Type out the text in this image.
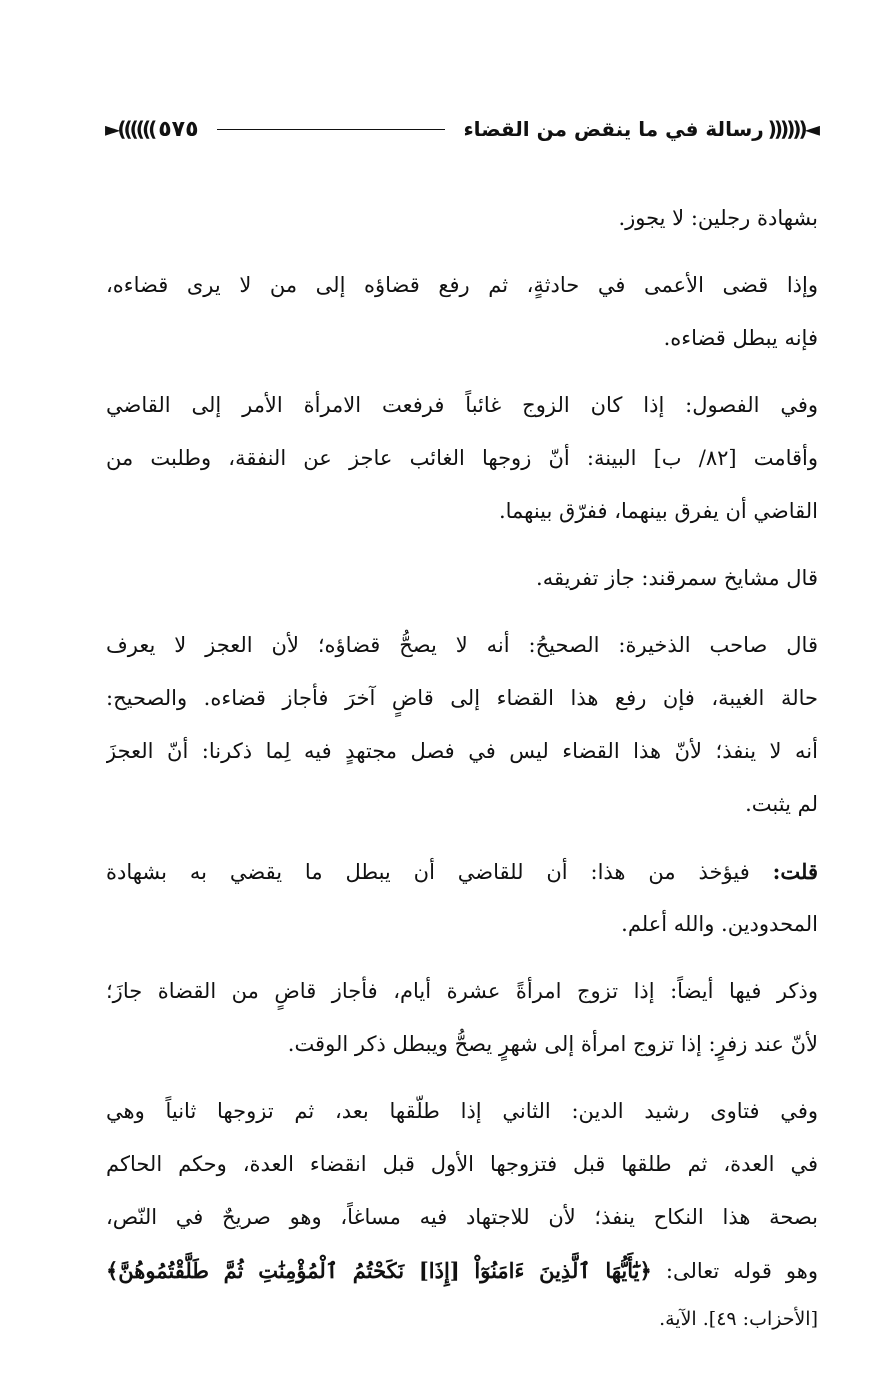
◄((((((
رسالة في ما ينقض من القضاء
٥٧٥
))))))►
بشهادة رجلين: لا يجوز.
وإذا قضى الأعمى في حادثةٍ، ثم رفع قضاؤه إلى من لا يرى قضاءه،
فإنه يبطل قضاءه.
وفي الفصول: إذا كان الزوج غائباً فرفعت الامرأة الأمر إلى القاضي
وأقامت [٨٢/ ب] البينة: أنّ زوجها الغائب عاجز عن النفقة، وطلبت من
القاضي أن يفرق بينهما، ففرّق بينهما.
قال مشايخ سمرقند: جاز تفريقه.
قال صاحب الذخيرة: الصحيحُ: أنه لا يصحُّ قضاؤه؛ لأن العجز لا يعرف
حالة الغيبة، فإن رفع هذا القضاء إلى قاضٍ آخرَ فأجاز قضاءه. والصحيح:
أنه لا ينفذ؛ لأنّ هذا القضاء ليس في فصل مجتهدٍ فيه لِما ذكرنا: أنّ العجزَ
لم يثبت.
قلت: فيؤخذ من هذا: أن للقاضي أن يبطل ما يقضي به بشهادة
المحدودين. والله أعلم.
وذكر فيها أيضاً: إذا تزوج امرأةً عشرة أيام، فأجاز قاضٍ من القضاة جازَ؛
لأنّ عند زفرٍ: إذا تزوج امرأة إلى شهرٍ يصحُّ ويبطل ذكر الوقت.
وفي فتاوى رشيد الدين: الثاني إذا طلّقها بعد، ثم تزوجها ثانياً وهي
في العدة، ثم طلقها قبل فتزوجها الأول قبل انقضاء العدة، وحكم الحاكم
بصحة هذا النكاح ينفذ؛ لأن للاجتهاد فيه مساغاً، وهو صريحٌ في النّص،
وهو قوله تعالى: ﴿يَٰٓأَيُّهَا ٱلَّذِينَ ءَامَنُوٓاْ [إِذَا] نَكَحْتُمُ ٱلْمُؤْمِنَٰتِ ثُمَّ طَلَّقْتُمُوهُنَّ﴾
[الأحزاب: ٤٩]. الآية.
